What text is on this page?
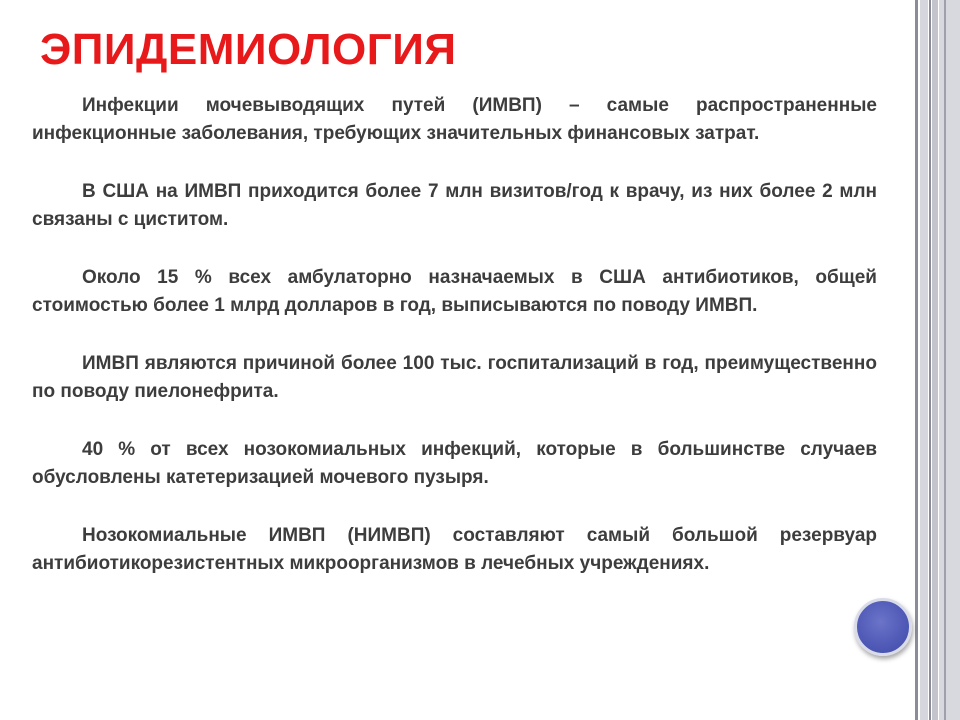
ЭПИДЕМИОЛОГИЯ

Инфекции мочевыводящих путей (ИМВП) – самые распространенные инфекционные заболевания, требующих значительных финансовых затрат.

В США на ИМВП приходится более 7 млн визитов/год к врачу, из них более 2 млн связаны с циститом.

Около 15 % всех амбулаторно назначаемых в США антибиотиков, общей стоимостью более 1 млрд долларов в год, выписываются по поводу ИМВП.

ИМВП являются причиной более 100 тыс. госпитализаций в год, преимущественно по поводу пиелонефрита.

40 % от всех нозокомиальных инфекций, которые в большинстве случаев обусловлены катетеризацией мочевого пузыря.

Нозокомиальные ИМВП (НИМВП) составляют самый большой резервуар антибиотикорезистентных микроорганизмов в лечебных учреждениях.
